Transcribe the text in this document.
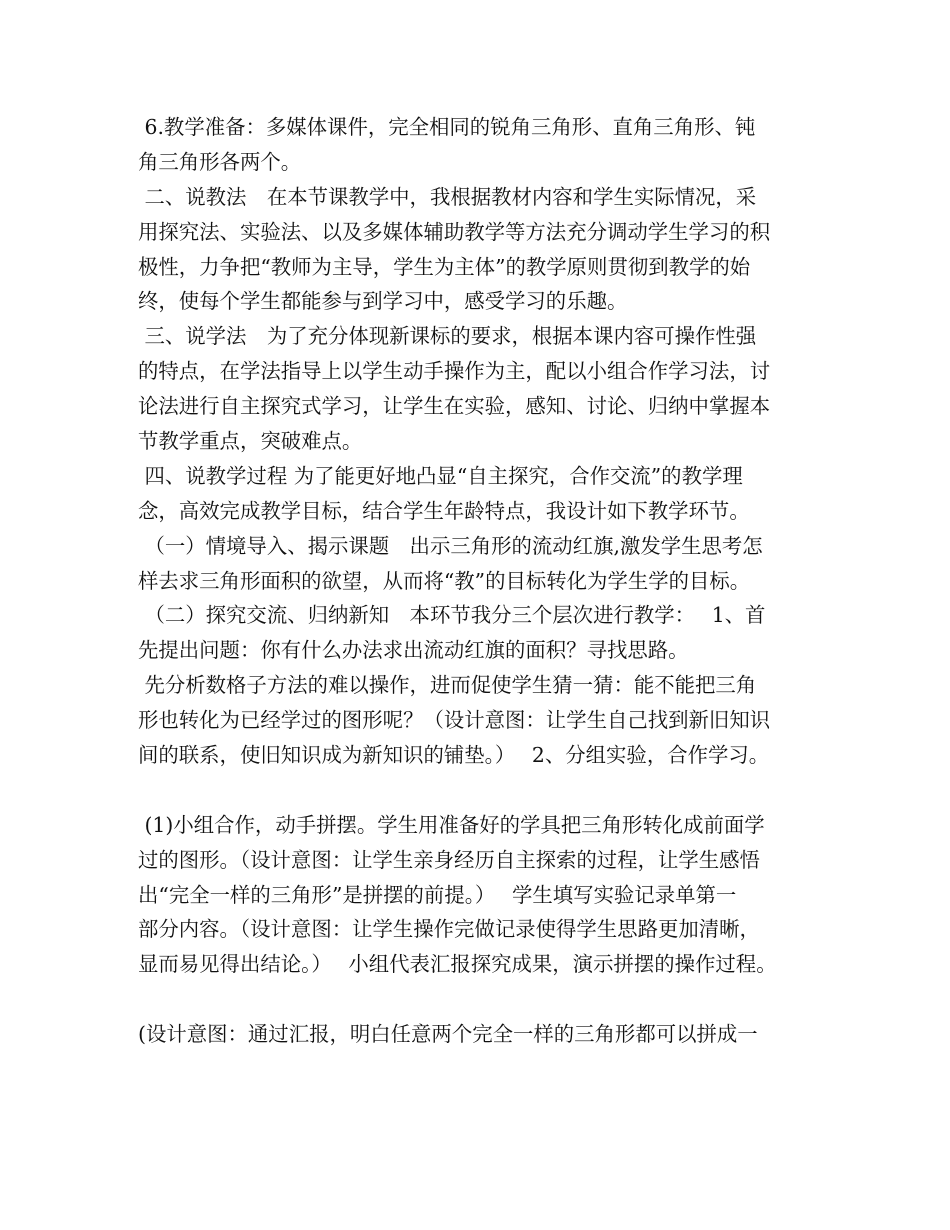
6.教学准备：多媒体课件，完全相同的锐角三角形、直角三角形、钝
角三角形各两个。
二、说教法　在本节课教学中，我根据教材内容和学生实际情况，采
用探究法、实验法、以及多媒体辅助教学等方法充分调动学生学习的积
极性，力争把“教师为主导，学生为主体”的教学原则贯彻到教学的始
终，使每个学生都能参与到学习中，感受学习的乐趣。
三、说学法　为了充分体现新课标的要求，根据本课内容可操作性强
的特点，在学法指导上以学生动手操作为主，配以小组合作学习法，讨
论法进行自主探究式学习，让学生在实验，感知、讨论、归纳中掌握本
节教学重点，突破难点。
四、说教学过程 为了能更好地凸显“自主探究，合作交流”的教学理
念，高效完成教学目标，结合学生年龄特点，我设计如下教学环节。
（一）情境导入、揭示课题　出示三角形的流动红旗,激发学生思考怎
样去求三角形面积的欲望，从而将“教”的目标转化为学生学的目标。
（二）探究交流、归纳新知　本环节我分三个层次进行教学：　 1、首
先提出问题：你有什么办法求出流动红旗的面积？寻找思路。
先分析数格子方法的难以操作，进而促使学生猜一猜：能不能把三角
形也转化为已经学过的图形呢？（设计意图：让学生自己找到新旧知识
间的联系，使旧知识成为新知识的铺垫。）　 2、分组实验，合作学习。
(1)小组合作，动手拼摆。学生用准备好的学具把三角形转化成前面学
过的图形。（设计意图：让学生亲身经历自主探索的过程，让学生感悟
出“完全一样的三角形”是拼摆的前提。）　 学生填写实验记录单第一
部分内容。（设计意图：让学生操作完做记录使得学生思路更加清晰，
显而易见得出结论。）　 小组代表汇报探究成果，演示拼摆的操作过程。
(设计意图：通过汇报，明白任意两个完全一样的三角形都可以拼成一
